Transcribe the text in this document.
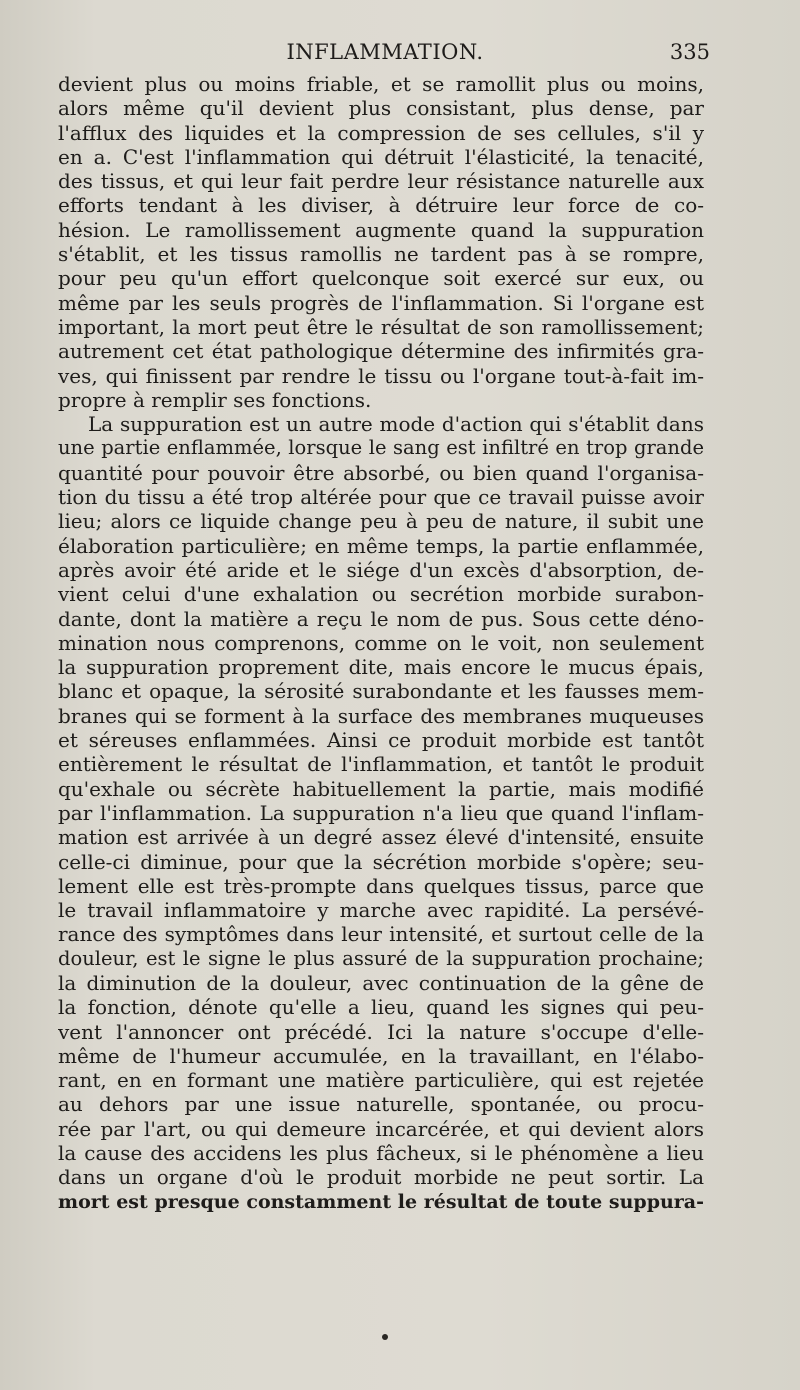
INFLAMMATION.	335
devient plus ou moins friable, et se ramollit plus ou moins,
alors même qu'il devient plus consistant, plus dense, par
l'afflux des liquides et la compression de ses cellules, s'il y
en a. C'est l'inflammation qui détruit l'élasticité, la tenacité,
des tissus, et qui leur fait perdre leur résistance naturelle aux
efforts tendant à les diviser, à détruire leur force de co-
hésion. Le ramollissement augmente quand la suppuration
s'établit, et les tissus ramollis ne tardent pas à se rompre,
pour peu qu'un effort quelconque soit exercé sur eux, ou
même par les seuls progrès de l'inflammation. Si l'organe est
important, la mort peut être le résultat de son ramollissement;
autrement cet état pathologique détermine des infirmités gra-
ves, qui finissent par rendre le tissu ou l'organe tout-à-fait im-
propre à remplir ses fonctions.
La suppuration est un autre mode d'action qui s'établit dans
une partie enflammée, lorsque le sang est infiltré en trop grande
quantité pour pouvoir être absorbé, ou bien quand l'organisa-
tion du tissu a été trop altérée pour que ce travail puisse avoir
lieu; alors ce liquide change peu à peu de nature, il subit une
élaboration particulière; en même temps, la partie enflammée,
après avoir été aride et le siége d'un excès d'absorption, de-
vient celui d'une exhalation ou secrétion morbide surabon-
dante, dont la matière a reçu le nom de pus. Sous cette déno-
mination nous comprenons, comme on le voit, non seulement
la suppuration proprement dite, mais encore le mucus épais,
blanc et opaque, la sérosité surabondante et les fausses mem-
branes qui se forment à la surface des membranes muqueuses
et séreuses enflammées. Ainsi ce produit morbide est tantôt
entièrement le résultat de l'inflammation, et tantôt le produit
qu'exhale ou sécrète habituellement la partie, mais modifié
par l'inflammation. La suppuration n'a lieu que quand l'inflam-
mation est arrivée à un degré assez élevé d'intensité, ensuite
celle-ci diminue, pour que la sécrétion morbide s'opère; seu-
lement elle est très-prompte dans quelques tissus, parce que
le travail inflammatoire y marche avec rapidité. La persévé-
rance des symptômes dans leur intensité, et surtout celle de la
douleur, est le signe le plus assuré de la suppuration prochaine;
la diminution de la douleur, avec continuation de la gêne de
la fonction, dénote qu'elle a lieu, quand les signes qui peu-
vent l'annoncer ont précédé. Ici la nature s'occupe d'elle-
même de l'humeur accumulée, en la travaillant, en l'élabo-
rant, en en formant une matière particulière, qui est rejetée
au dehors par une issue naturelle, spontanée, ou procu-
rée par l'art, ou qui demeure incarcérée, et qui devient alors
la cause des accidens les plus fâcheux, si le phénomène a lieu
dans un organe d'où le produit morbide ne peut sortir. La
mort est presque constamment le résultat de toute suppura-
